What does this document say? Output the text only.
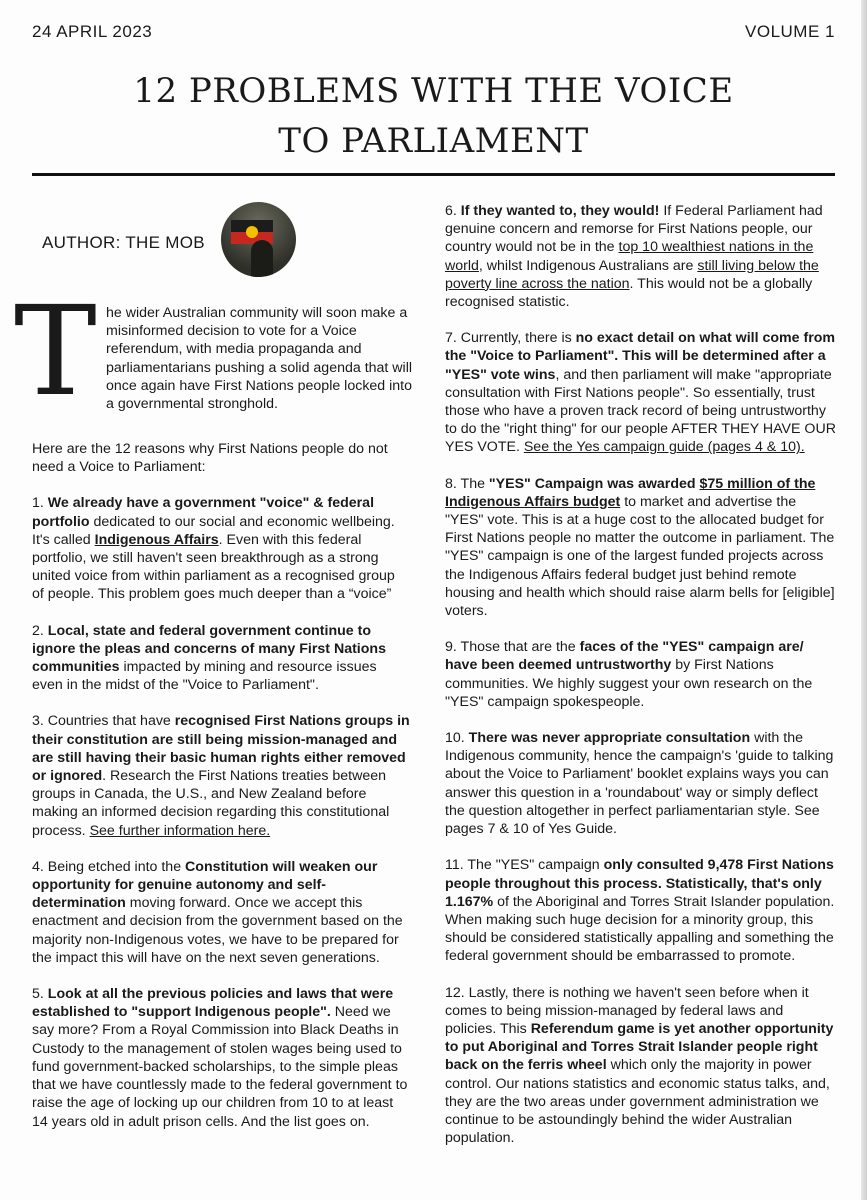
24 APRIL 2023	VOLUME 1
12 PROBLEMS WITH THE VOICE
TO PARLIAMENT
AUTHOR: THE MOB
T he wider Australian community will soon make a misinformed decision to vote for a Voice referendum, with media propaganda and parliamentarians pushing a solid agenda that will once again have First Nations people locked into a governmental stronghold.

Here are the 12 reasons why First Nations people do not need a Voice to Parliament:

1 . We already have a government "voice" & federal portfolio dedicated to our social and economic wellbeing. It's called Indigenous Affairs. Even with this federal portfolio, we still haven't seen breakthrough as a strong united voice from within parliament as a recognised group of people. This problem goes much deeper than a “voice”

2 . Local, state and federal government continue to ignore the pleas and concerns of many First Nations communities impacted by mining and resource issues even in the midst of the "Voice to Parliament".

3 . Countries that have recognised First Nations groups in their constitution are still being mission-managed and are still having their basic human rights either removed or ignored. Research the First Nations treaties between groups in Canada, the U.S., and New Zealand before making an informed decision regarding this constitutional process. See further information here.

4 . Being etched into the Constitution will weaken our opportunity for genuine autonomy and self-determination moving forward. Once we accept this enactment and decision from the government based on the majority non-Indigenous votes, we have to be prepared for the impact this will have on the next seven generations.

5 . Look at all the previous policies and laws that were established to "support Indigenous people". Need we say more? From a Royal Commission into Black Deaths in Custody to the management of stolen wages being used to fund government-backed scholarships, to the simple pleas that we have countlessly made to the federal government to raise the age of locking up our children from 10 to at least 14 years old in adult prison cells. And the list goes on.

6 . If they wanted to, they would! If Federal Parliament had genuine concern and remorse for First Nations people, our country would not be in the top 10 wealthiest nations in the world, whilst Indigenous Australians are still living below the poverty line across the nation. This would not be a globally recognised statistic.

7 . Currently, there is no exact detail on what will come from the "Voice to Parliament". This will be determined after a "YES" vote wins, and then parliament will make "appropriate consultation with First Nations people". So essentially, trust those who have a proven track record of being untrustworthy to do the "right thing" for our people AFTER THEY HAVE OUR YES VOTE. See the Yes campaign guide (pages 4 & 10).

8 . The "YES" Campaign was awarded $75 million of the Indigenous Affairs budget to market and advertise the "YES" vote. This is at a huge cost to the allocated budget for First Nations people no matter the outcome in parliament. The "YES" campaign is one of the largest funded projects across the Indigenous Affairs federal budget just behind remote housing and health which should raise alarm bells for [eligible] voters.

9 . Those that are the faces of the "YES" campaign are/ have been deemed untrustworthy by First Nations communities. We highly suggest your own research on the "YES" campaign spokespeople.

10 . There was never appropriate consultation with the Indigenous community, hence the campaign's 'guide to talking about the Voice to Parliament' booklet explains ways you can answer this question in a 'roundabout' way or simply deflect the question altogether in perfect parliamentarian style. See pages 7 & 10 of Yes Guide.

11 . The "YES" campaign only consulted 9,478 First Nations people throughout this process. Statistically, that's only 1.167% of the Aboriginal and Torres Strait Islander population. When making such huge decision for a minority group, this should be considered statistically appalling and something the federal government should be embarrassed to promote.

12 . Lastly, there is nothing we haven't seen before when it comes to being mission-managed by federal laws and policies. This Referendum game is yet another opportunity to put Aboriginal and Torres Strait Islander people right back on the ferris wheel which only the majority in power control. Our nations statistics and economic status talks, and, they are the two areas under government administration we continue to be astoundingly behind the wider Australian population.
